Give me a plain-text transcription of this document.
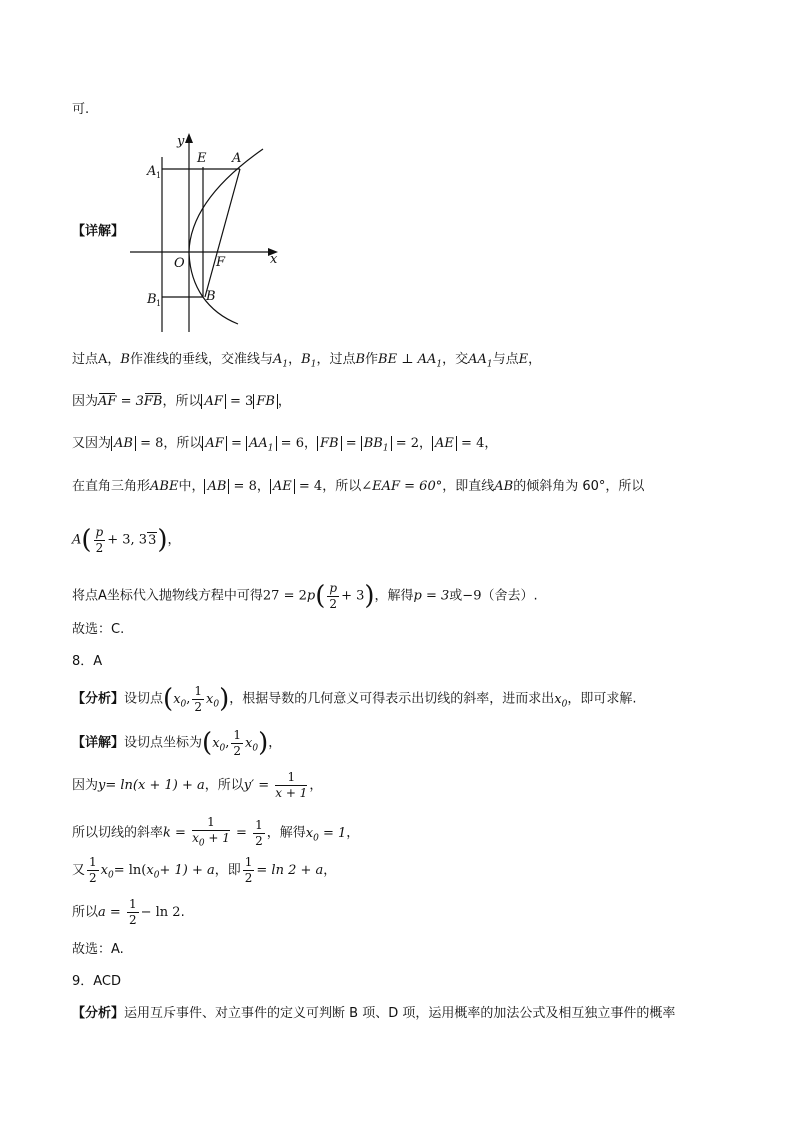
可.
y
x
E A
A 1
O F
B 1	B
【详解】
过点A，B作准线的垂线，交准线与$A_1$，$B_1$，过点B作BE ⊥ $AA_1$，交$AA_1$与点E，
因为AF = 3FB，所以 AF = 3 FB ，
又因为 AB = 8，所以 AF = $AA_1 = 6$， FB = $BB_1 = 2$， AE = 4，
在直角三角形ABE中， AB = 8， AE = 4，所以∠EAF = 60°，即直线AB的倾斜角为 60°，所以
$A( \frac{p}{2} + 3$, 33)，
将点A坐标代入抛物线方程中可得$27 = 2p( \frac{p}{2} + 3)$，解得p = 3或−9（舍去）.
故选：C.
8．A
【分析】设切点($x_0$, $\frac{1}{2} x_0$)，根据导数的几何意义可得表示出切线的斜率，进而求出$x_0$，即可求解.
【详解】设切点坐标为($x_0$, $\frac{1}{2} x_0$)，
因为y= ln(x + 1) + a，所以$y' = \frac{1}{x + 1}$ ，
所以切线的斜率$k = \frac{1}{x_0 + 1} = \frac{1}{2}$ ，解得$x_0 = 1$，
又 $\frac{1}{2} x_0= \ln(x_0+ 1) + a$，即 $\frac{1}{2} = \ln 2 + a$，
所以$a = \frac{1}{2} - \ln 2$.
故选：A.
9．ACD
【分析】运用互斥事件、对立事件的定义可判断 B 项、D 项，运用概率的加法公式及相互独立事件的概率
